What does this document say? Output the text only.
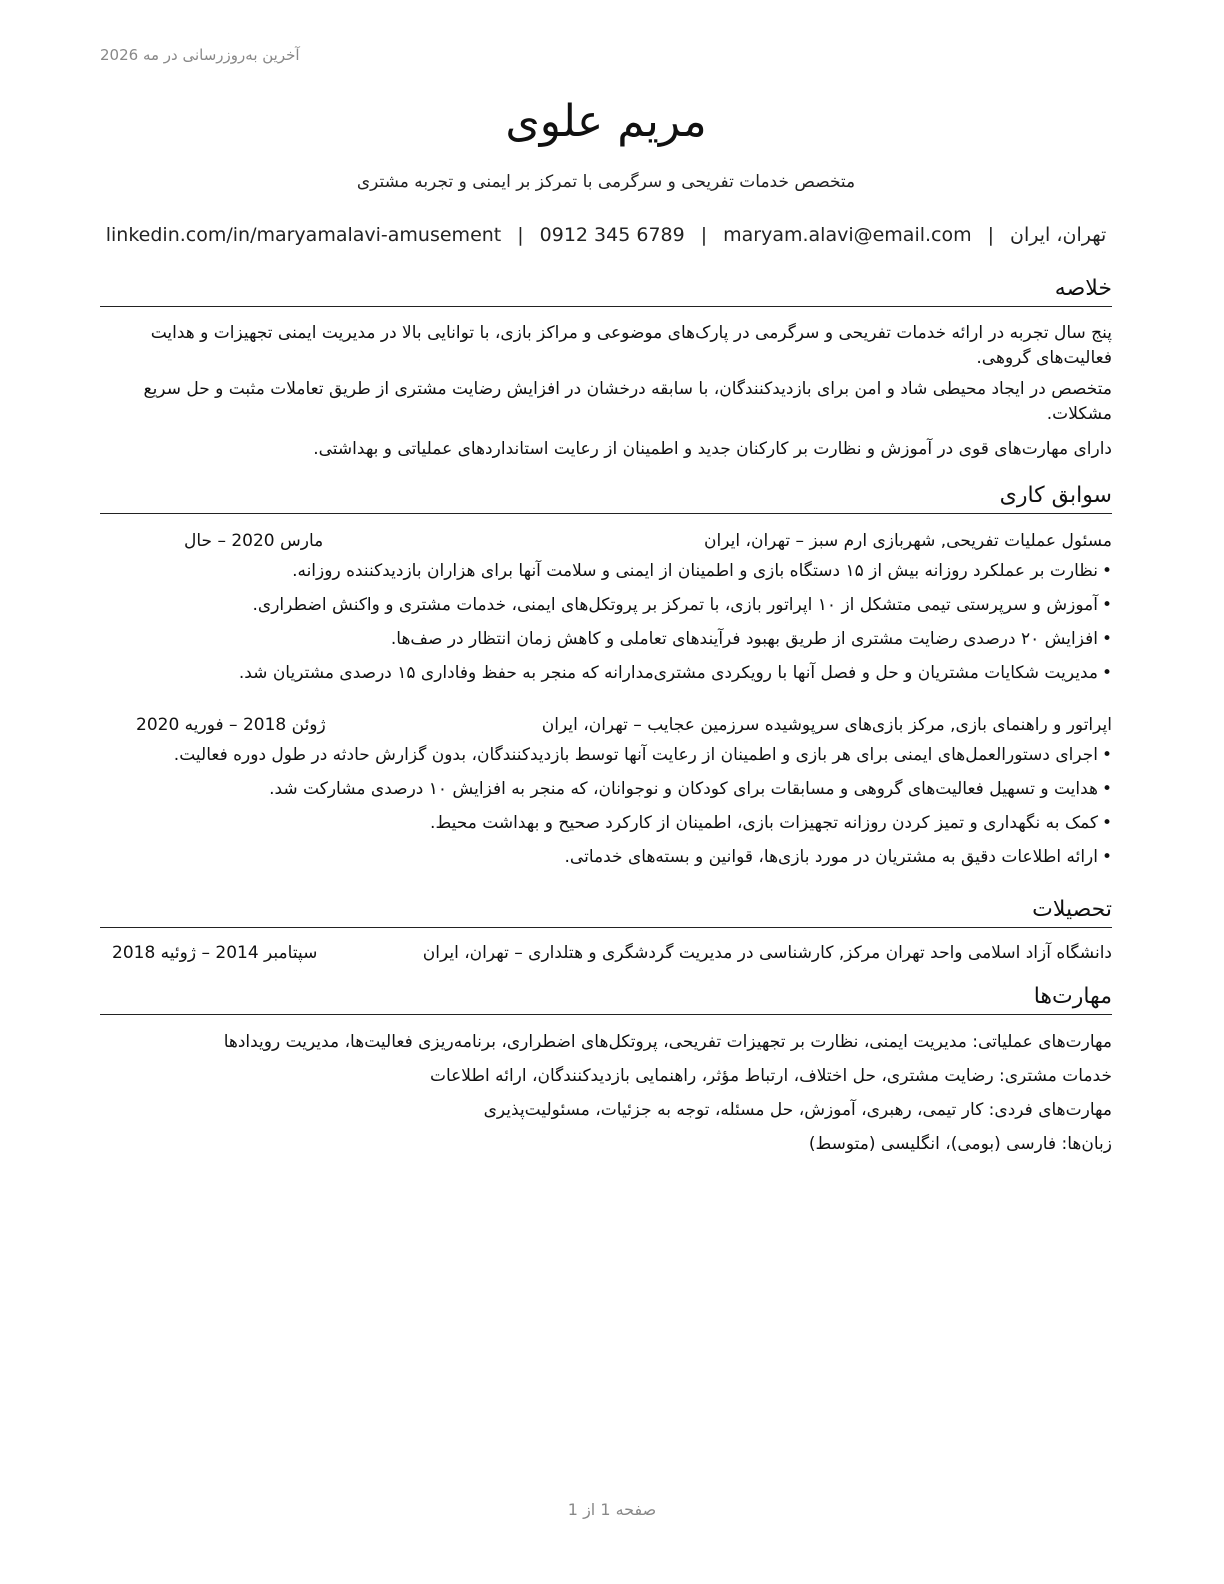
آخرین به‌روزرسانی در مه 2026
مریم علوی
متخصص خدمات تفریحی و سرگرمی با تمرکز بر ایمنی و تجربه مشتری
تهران، ایران|maryam.alavi@email.com|0912 345 6789|linkedin.com/in/maryamalavi-amusement
خلاصه
پنج سال تجربه در ارائه خدمات تفریحی و سرگرمی در پارک‌های موضوعی و مراکز بازی، با توانایی بالا در مدیریت ایمنی تجهیزات و هدایت فعالیت‌های گروهی.
متخصص در ایجاد محیطی شاد و امن برای بازدیدکنندگان، با سابقه درخشان در افزایش رضایت مشتری از طریق تعاملات مثبت و حل سریع مشکلات.
دارای مهارت‌های قوی در آموزش و نظارت بر کارکنان جدید و اطمینان از رعایت استانداردهای عملیاتی و بهداشتی.
سوابق کاری
مسئول عملیات تفریحی, شهربازی ارم سبز – تهران، ایران
مارس 2020 – حال
• نظارت بر عملکرد روزانه بیش از ۱۵ دستگاه بازی و اطمینان از ایمنی و سلامت آنها برای هزاران بازدیدکننده روزانه.
• آموزش و سرپرستی تیمی متشکل از ۱۰ اپراتور بازی، با تمرکز بر پروتکل‌های ایمنی، خدمات مشتری و واکنش اضطراری.
• افزایش ۲۰ درصدی رضایت مشتری از طریق بهبود فرآیندهای تعاملی و کاهش زمان انتظار در صف‌ها.
• مدیریت شکایات مشتریان و حل و فصل آنها با رویکردی مشتری‌مدارانه که منجر به حفظ وفاداری ۱۵ درصدی مشتریان شد.
اپراتور و راهنمای بازی, مرکز بازی‌های سرپوشیده سرزمین عجایب – تهران، ایران
ژوئن 2018 – فوریه 2020
• اجرای دستورالعمل‌های ایمنی برای هر بازی و اطمینان از رعایت آنها توسط بازدیدکنندگان، بدون گزارش حادثه در طول دوره فعالیت.
• هدایت و تسهیل فعالیت‌های گروهی و مسابقات برای کودکان و نوجوانان، که منجر به افزایش ۱۰ درصدی مشارکت شد.
• کمک به نگهداری و تمیز کردن روزانه تجهیزات بازی، اطمینان از کارکرد صحیح و بهداشت محیط.
• ارائه اطلاعات دقیق به مشتریان در مورد بازی‌ها، قوانین و بسته‌های خدماتی.
تحصیلات
دانشگاه آزاد اسلامی واحد تهران مرکز, کارشناسی در مدیریت گردشگری و هتلداری – تهران، ایران
سپتامبر 2014 – ژوئیه 2018
مهارت‌ها
مهارت‌های عملیاتی: مدیریت ایمنی، نظارت بر تجهیزات تفریحی، پروتکل‌های اضطراری، برنامه‌ریزی فعالیت‌ها، مدیریت رویدادها
خدمات مشتری: رضایت مشتری، حل اختلاف، ارتباط مؤثر، راهنمایی بازدیدکنندگان، ارائه اطلاعات
مهارت‌های فردی: کار تیمی، رهبری، آموزش، حل مسئله، توجه به جزئیات، مسئولیت‌پذیری
زبان‌ها: فارسی (بومی)، انگلیسی (متوسط)
صفحه 1 از 1
